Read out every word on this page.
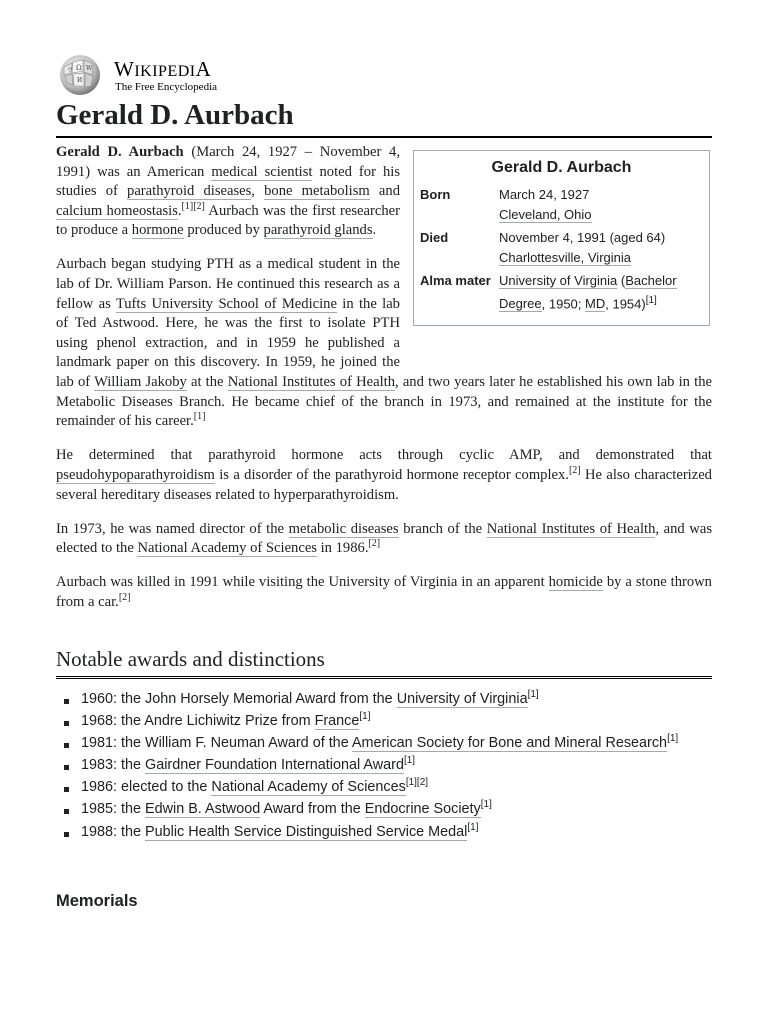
Ω W
И
ウ WIKIPEDIA
The Free Encyclopedia
Gerald D. Aurbach
Gerald D. Aurbach
Born	March 24, 1927
Cleveland, Ohio
Died	November 4, 1991 (aged 64)
Charlottesville, Virginia
Alma mater University of Virginia (Bachelor Degree, 1950; MD, 1954)[1]

Gerald D. Aurbach (March 24, 1927 – November 4, 1991) was an American medical scientist noted for his studies of parathyroid diseases, bone metabolism and calcium homeostasis.[1][2] Aurbach was the first researcher to produce a hormone produced by parathyroid glands.

Aurbach began studying PTH as a medical student in the lab of Dr. William Parson. He continued this research as a fellow as Tufts University School of Medicine in the lab of Ted Astwood. Here, he was the first to isolate PTH using phenol extraction, and in 1959 he published a landmark paper on this discovery. In 1959, he joined the lab of William Jakoby at the National Institutes of Health, and two years later he established his own lab in the Metabolic Diseases Branch. He became chief of the branch in 1973, and remained at the institute for the remainder of his career.[1]

He determined that parathyroid hormone acts through cyclic AMP, and demonstrated that pseudohypoparathyroidism is a disorder of the parathyroid hormone receptor complex.[2] He also characterized several hereditary diseases related to hyperparathyroidism.

In 1973, he was named director of the metabolic diseases branch of the National Institutes of Health, and was elected to the National Academy of Sciences in 1986.[2]

Aurbach was killed in 1991 while visiting the University of Virginia in an apparent homicide by a stone thrown from a car.[2]

Notable awards and distinctions
1960: the John Horsely Memorial Award from the University of Virginia[1]
1968: the Andre Lichiwitz Prize from France[1]
1981: the William F. Neuman Award of the American Society for Bone and Mineral Research[1]
1983: the Gairdner Foundation International Award[1]
1986: elected to the National Academy of Sciences[1][2]
1985: the Edwin B. Astwood Award from the Endocrine Society[1]
1988: the Public Health Service Distinguished Service Medal[1]
Memorials
